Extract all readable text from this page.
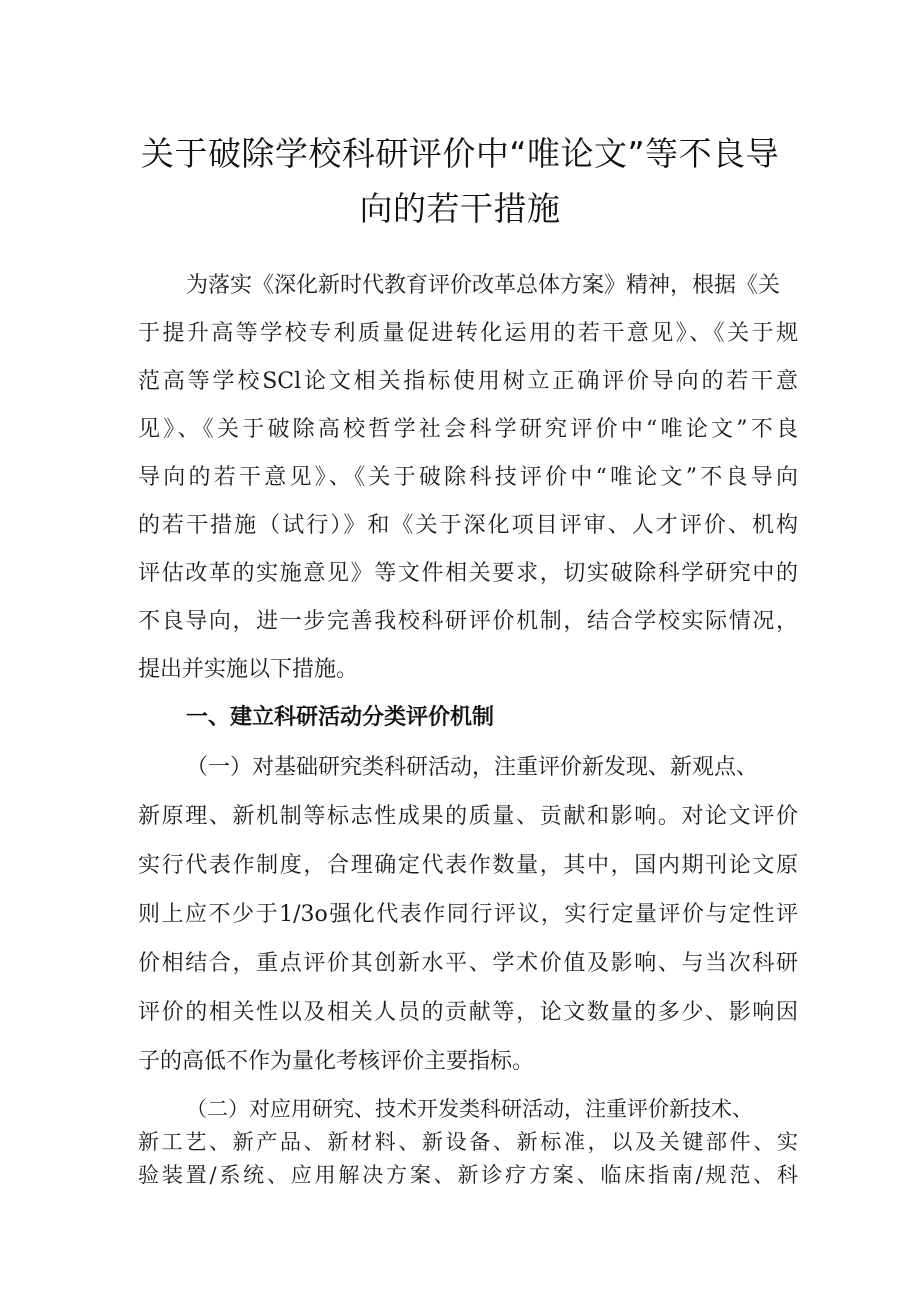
关于破除学校科研评价中“唯论文”等不良导
向的若干措施
为落实《深化新时代教育评价改革总体方案》精神，根据《关
于提升高等学校专利质量促进转化运用的若干意见》、《关于规
范高等学校SCl论文相关指标使用树立正确评价导向的若干意
见》、《关于破除高校哲学社会科学研究评价中“唯论文”不良
导向的若干意见》、《关于破除科技评价中“唯论文”不良导向
的若干措施（试行）》和《关于深化项目评审、人才评价、机构
评估改革的实施意见》等文件相关要求，切实破除科学研究中的
不良导向，进一步完善我校科研评价机制，结合学校实际情况，
提出并实施以下措施。
一、建立科研活动分类评价机制
（一）对基础研究类科研活动，注重评价新发现、新观点、
新原理、新机制等标志性成果的质量、贡献和影响。对论文评价
实行代表作制度，合理确定代表作数量，其中，国内期刊论文原
则上应不少于1/3o强化代表作同行评议，实行定量评价与定性评
价相结合，重点评价其创新水平、学术价值及影响、与当次科研
评价的相关性以及相关人员的贡献等，论文数量的多少、影响因
子的高低不作为量化考核评价主要指标。
（二）对应用研究、技术开发类科研活动，注重评价新技术、
新工艺、新产品、新材料、新设备、新标准，以及关键部件、实
验装置/系统、应用解决方案、新诊疗方案、临床指南/规范、科
